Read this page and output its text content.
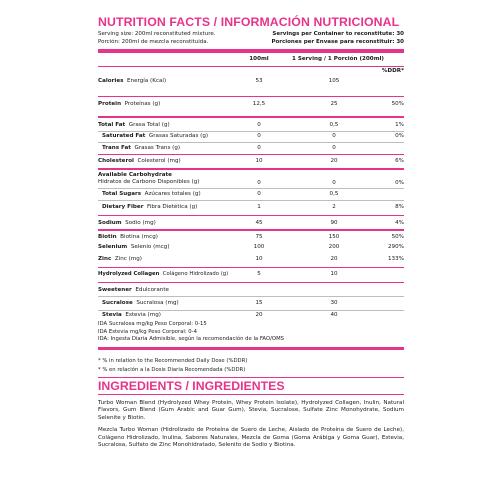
NUTRITION FACTS / INFORMACIÓN NUTRICIONAL
Serving size: 200ml reconstituted mixture.	Servings per Container to reconstitute: 30
Porción: 200ml de mezcla reconstituida.	Porciones per Envase para reconstituir: 30
100ml	1 Serving / 1 Porción (200ml)
%DDR*
Calories Energía (Kcal)	53	105
Protein Proteínas (g)	12,5	25	50%
Total Fat Grasa Total (g)	0	0,5	1%
Saturated Fat Grasas Saturadas (g)	0	0	0%
Trans Fat Grasas Trans (g)	0	0
Cholesterol Colesterol (mg)	10	20	6%
Available Carbohydrate
Hidratos de Carbono Disponibles (g)	0	0	0%
Total Sugars Azúcares totales (g)	0	0,5
Dietary Fiber Fibra Dietética (g)	1	2	8%
Sodium Sodio (mg)	45	90	4%
Biotin Biotina (mcg)	75	150	50%
Selenium Selenio (mcg)	100	200	290%
Zinc Zinc (mg)	10	20	133%
Hydrolyzed Collagen Colágeno Hidrolizado (g)	5	10
Sweetener Edulcorante
Sucralose Sucralosa (mg)	15	30
Stevia Estevia (mg)	20	40
IDA Sucralosa mg/kg Peso Corporal: 0-15
IDA Estevia mg/kg Peso Corporal: 0-4
IDA: Ingesta Diaria Admisible, según la recomendación de la FAO/OMS
* % in relation to the Recommended Daily Dose (%DDR)
* % en relación a la Dosis Diaria Recomendada (%DDR)
INGREDIENTS / INGREDIENTES
Turbo Woman Blend (Hydrolyzed Whey Protein, Whey Protein Isolate), Hydrolyzed Collagen, Inulin, Natural Flavors, Gum Blend (Gum Arabic and Guar Gum), Stevia, Sucralose, Sulfate Zinc Monohydrate, Sodium Selenite y Biotin.
Mezcla Turbo Woman (Hidrolizado de Proteína de Suero de Leche, Aislado de Proteína de Suero de Leche), Colágeno Hidrolizado, Inulina, Sabores Naturales, Mezcla de Goma (Goma Arábiga y Goma Guar), Estevia, Sucralosa, Sulfato de Zinc Monohidratado, Selenito de Sodio y Biotina.
